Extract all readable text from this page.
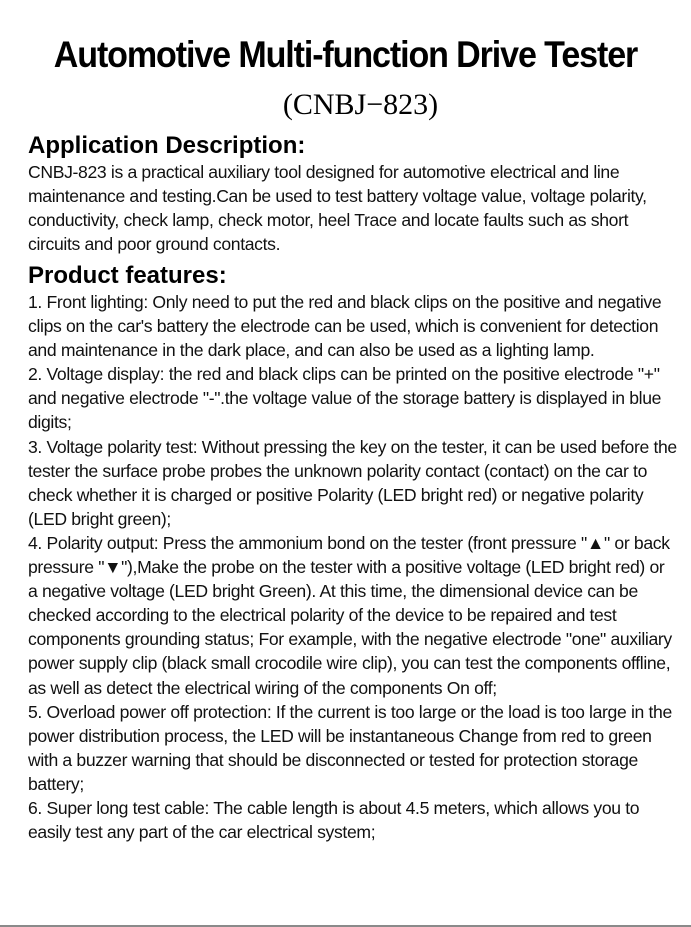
Automotive Multi-function Drive Tester
(CNBJ−823)
Application Description:

CNBJ-823 is a practical auxiliary tool designed for automotive electrical and line maintenance and testing.Can be used to test battery voltage value, voltage polarity, conductivity, check lamp, check motor, heel Trace and locate faults such as short circuits and poor ground contacts.

Product features:

1. Front lighting: Only need to put the red and black clips on the positive and negative clips on the car's battery the electrode can be used, which is convenient for detection and maintenance in the dark place, and can also be used as a lighting lamp.

2. Voltage display: the red and black clips can be printed on the positive electrode "+" and negative electrode "-".the voltage value of the storage battery is displayed in blue digits;

3. Voltage polarity test: Without pressing the key on the tester, it can be used before the tester the surface probe probes the unknown polarity contact (contact) on the car to check whether it is charged or positive Polarity (LED bright red) or negative polarity (LED bright green);

4. Polarity output: Press the ammonium bond on the tester (front pressure "▲" or back pressure "▼"),Make the probe on the tester with a positive voltage (LED bright red) or a negative voltage (LED bright Green). At this time, the dimensional device can be checked according to the electrical polarity of the device to be repaired and test components grounding status; For example, with the negative electrode "one" auxiliary power supply clip (black small crocodile wire clip), you can test the components offline, as well as detect the electrical wiring of the components On off;

5. Overload power off protection: If the current is too large or the load is too large in the power distribution process, the LED will be instantaneous Change from red to green with a buzzer warning that should be disconnected or tested for protection storage battery;

6. Super long test cable: The cable length is about 4.5 meters, which allows you to easily test any part of the car electrical system;
